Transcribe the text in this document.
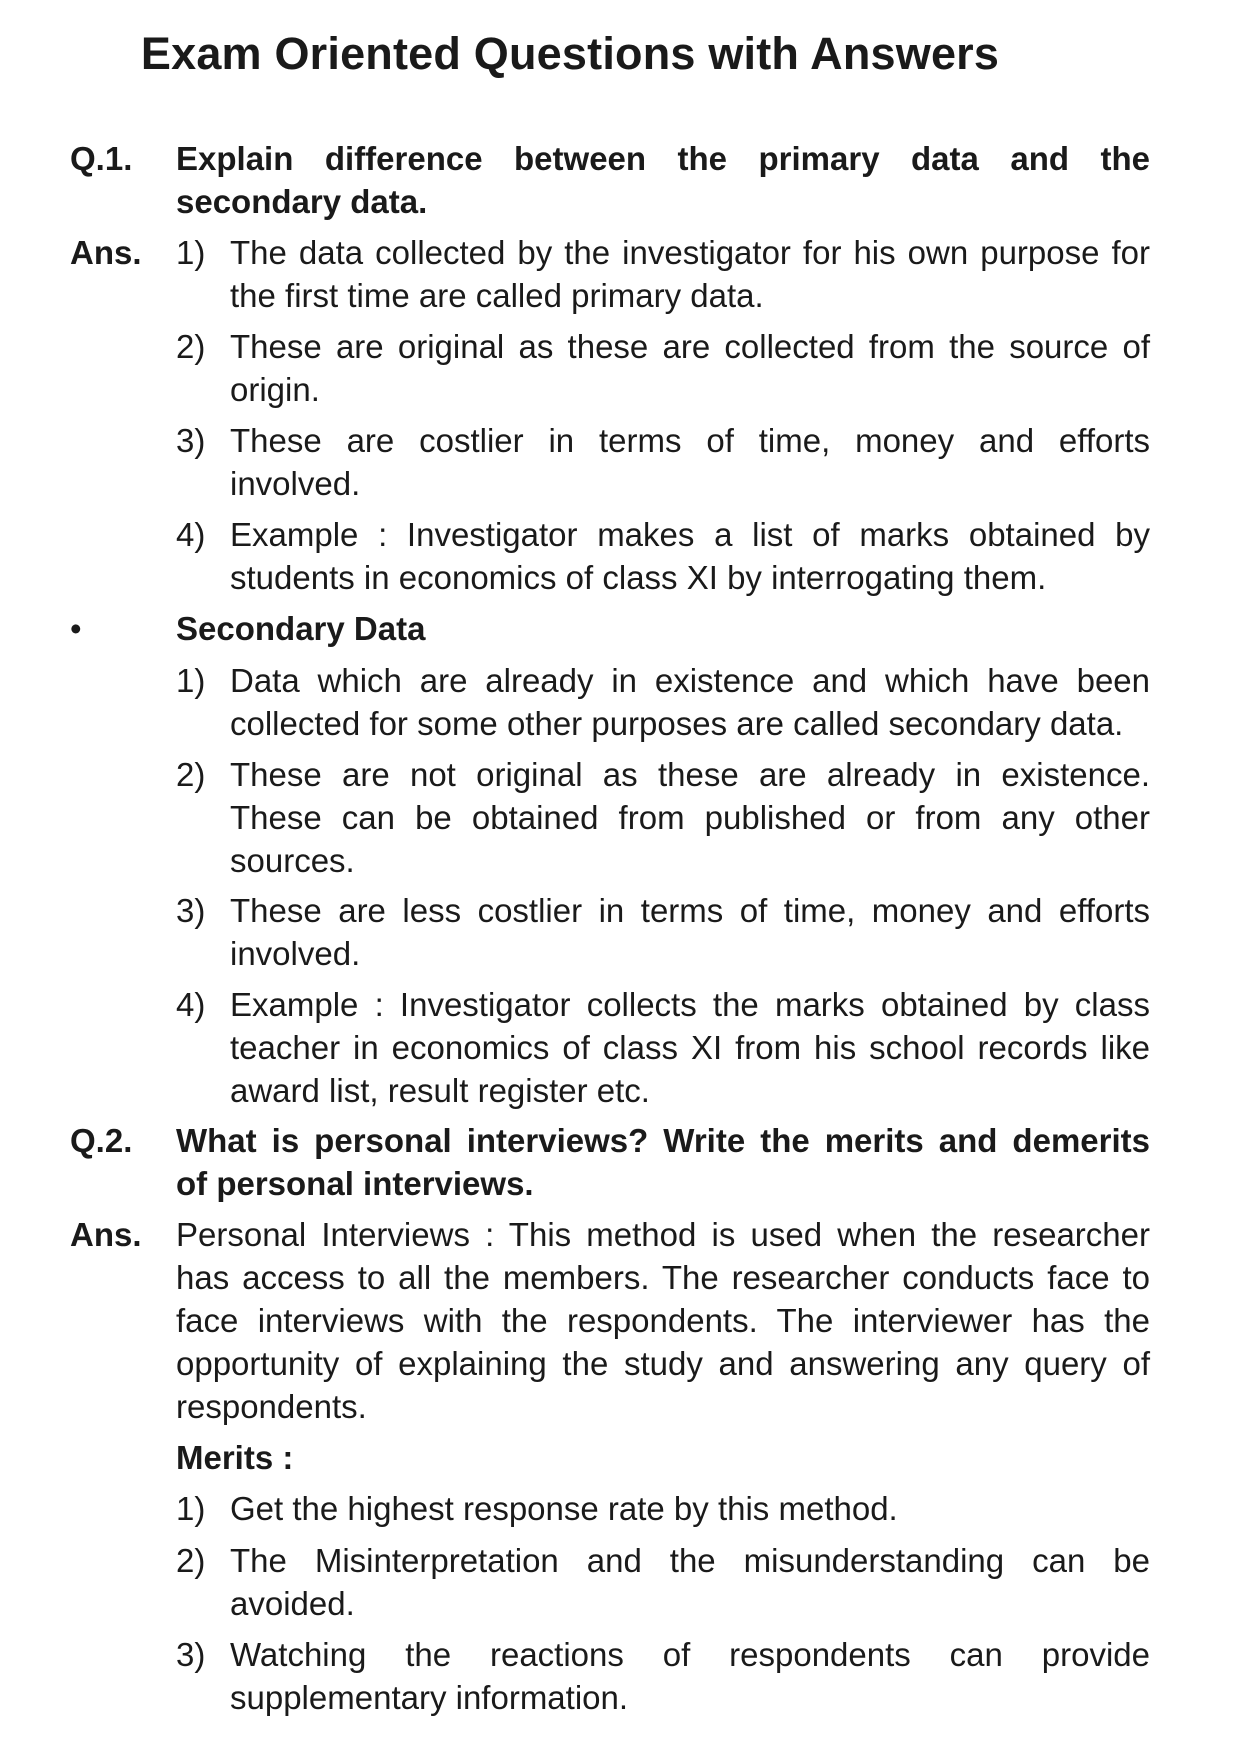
Exam Oriented Questions with Answers
Q.1. Explain difference between the primary data and the
secondary data.
Ans. 1) The data collected by the investigator for his own purpose for
the first time are called primary data.
2) These are original as these are collected from the source of
origin.
3) These are costlier in terms of time, money and efforts
involved.
4) Example : Investigator makes a list of marks obtained by
students in economics of class XI by interrogating them.
•	Secondary Data
1) Data which are already in existence and which have been
collected for some other purposes are called secondary data.
2) These are not original as these are already in existence.
These can be obtained from published or from any other
sources.
3) These are less costlier in terms of time, money and efforts
involved.
4) Example : Investigator collects the marks obtained by class
teacher in economics of class XI from his school records like
award list, result register etc.
Q.2. What is personal interviews? Write the merits and demerits
of personal interviews.
Ans. Personal Interviews : This method is used when the researcher
has access to all the members. The researcher conducts face to
face interviews with the respondents. The interviewer has the
opportunity of explaining the study and answering any query of
respondents.
Merits :
1) Get the highest response rate by this method.
2) The Misinterpretation and the misunderstanding can be
avoided.
3) Watching the reactions of respondents can provide
supplementary information.
